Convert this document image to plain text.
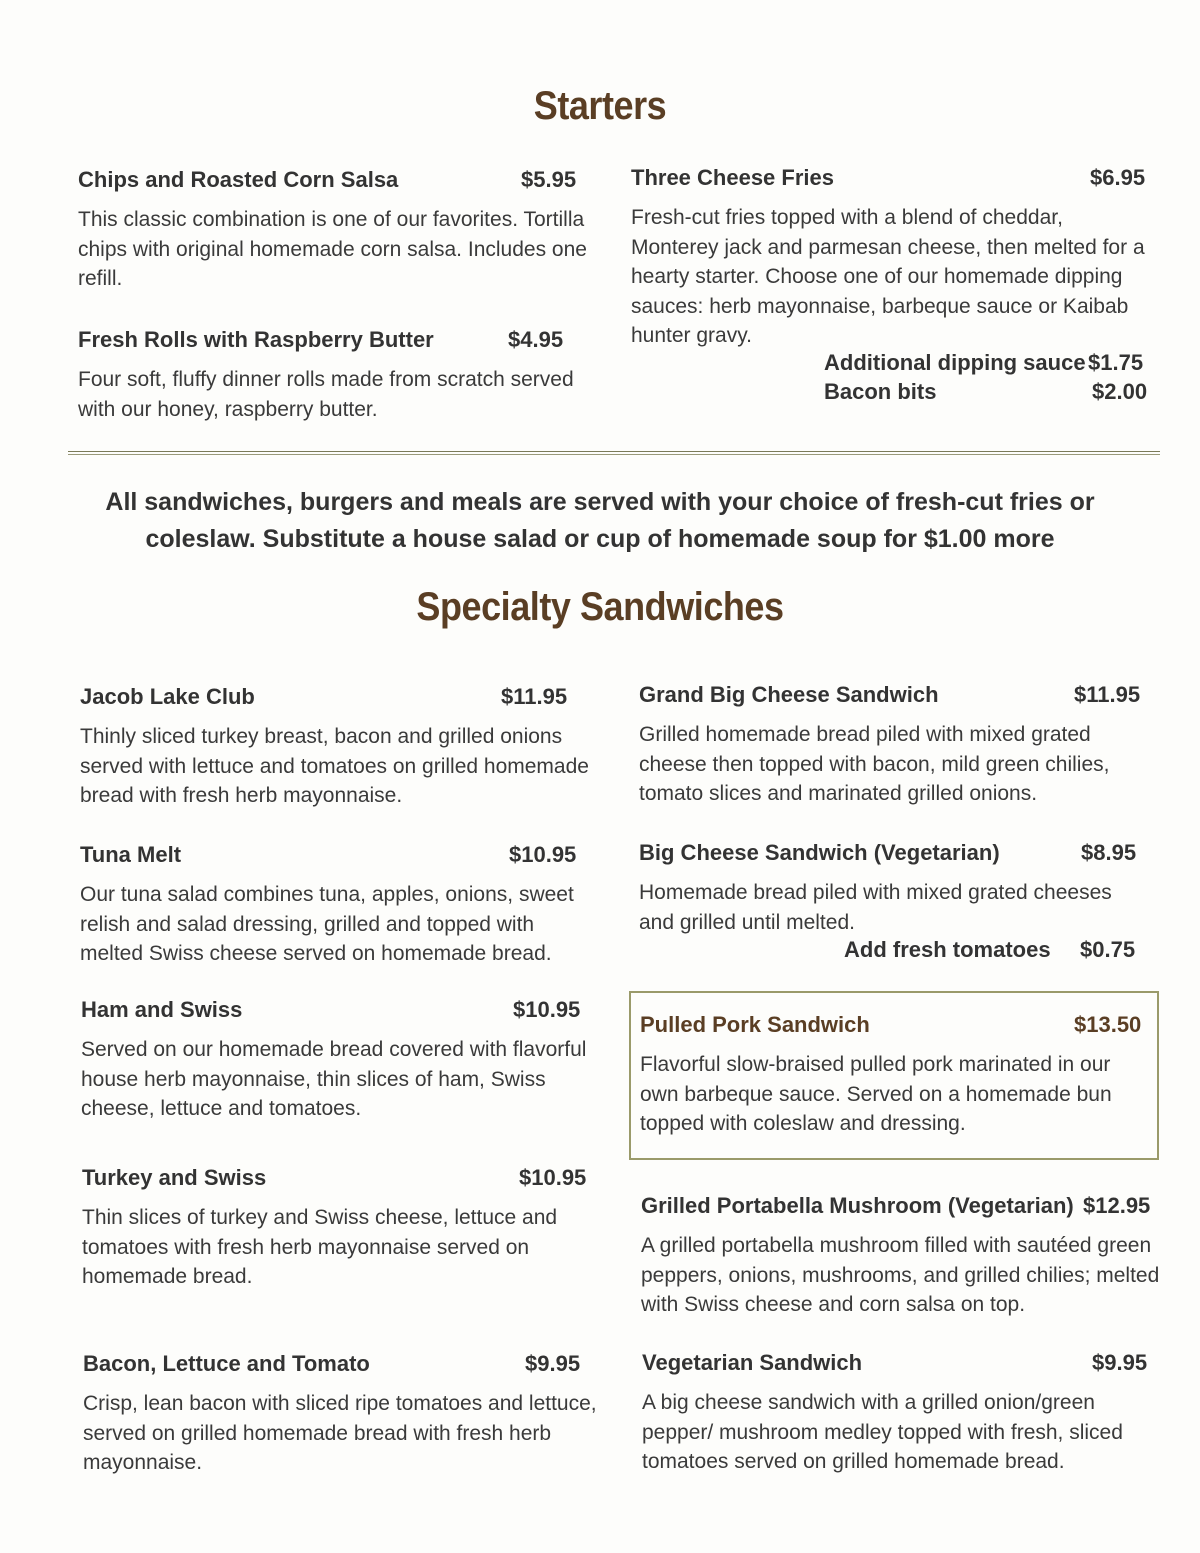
Starters
Chips and Roasted Corn Salsa	$5.95
This classic combination is one of our favorites. Tortilla chips with original homemade corn salsa. Includes one refill.
Fresh Rolls with Raspberry Butter	$4.95
Four soft, fluffy dinner rolls made from scratch served with our honey, raspberry butter.
Three Cheese Fries	$6.95
Fresh-cut fries topped with a blend of cheddar, Monterey jack and parmesan cheese, then melted for a hearty starter. Choose one of our homemade dipping sauces: herb mayonnaise, barbeque sauce or Kaibab hunter gravy.
Additional dipping sauce $1.75
Bacon bits	$2.00
All sandwiches, burgers and meals are served with your choice of fresh-cut fries or
coleslaw. Substitute a house salad or cup of homemade soup for $1.00 more
Specialty Sandwiches
Jacob Lake Club	$11.95
Thinly sliced turkey breast, bacon and grilled onions served with lettuce and tomatoes on grilled homemade bread with fresh herb mayonnaise.
Tuna Melt	$10.95
Our tuna salad combines tuna, apples, onions, sweet relish and salad dressing, grilled and topped with melted Swiss cheese served on homemade bread.
Ham and Swiss	$10.95
Served on our homemade bread covered with flavorful house herb mayonnaise, thin slices of ham, Swiss cheese, lettuce and tomatoes.
Turkey and Swiss	$10.95
Thin slices of turkey and Swiss cheese, lettuce and tomatoes with fresh herb mayonnaise served on homemade bread.
Bacon, Lettuce and Tomato	$9.95
Crisp, lean bacon with sliced ripe tomatoes and lettuce, served on grilled homemade bread with fresh herb mayonnaise.
Grand Big Cheese Sandwich	$11.95
Grilled homemade bread piled with mixed grated cheese then topped with bacon, mild green chilies, tomato slices and marinated grilled onions.
Big Cheese Sandwich (Vegetarian)	$8.95
Homemade bread piled with mixed grated cheeses and grilled until melted.
Add fresh tomatoes $0.75
Pulled Pork Sandwich	$13.50
Flavorful slow-braised pulled pork marinated in our own barbeque sauce. Served on a homemade bun topped with coleslaw and dressing.
Grilled Portabella Mushroom (Vegetarian) $12.95
A grilled portabella mushroom filled with sautéed green peppers, onions, mushrooms, and grilled chilies; melted with Swiss cheese and corn salsa on top.
Vegetarian Sandwich	$9.95
A big cheese sandwich with a grilled onion/green pepper/ mushroom medley topped with fresh, sliced tomatoes served on grilled homemade bread.
